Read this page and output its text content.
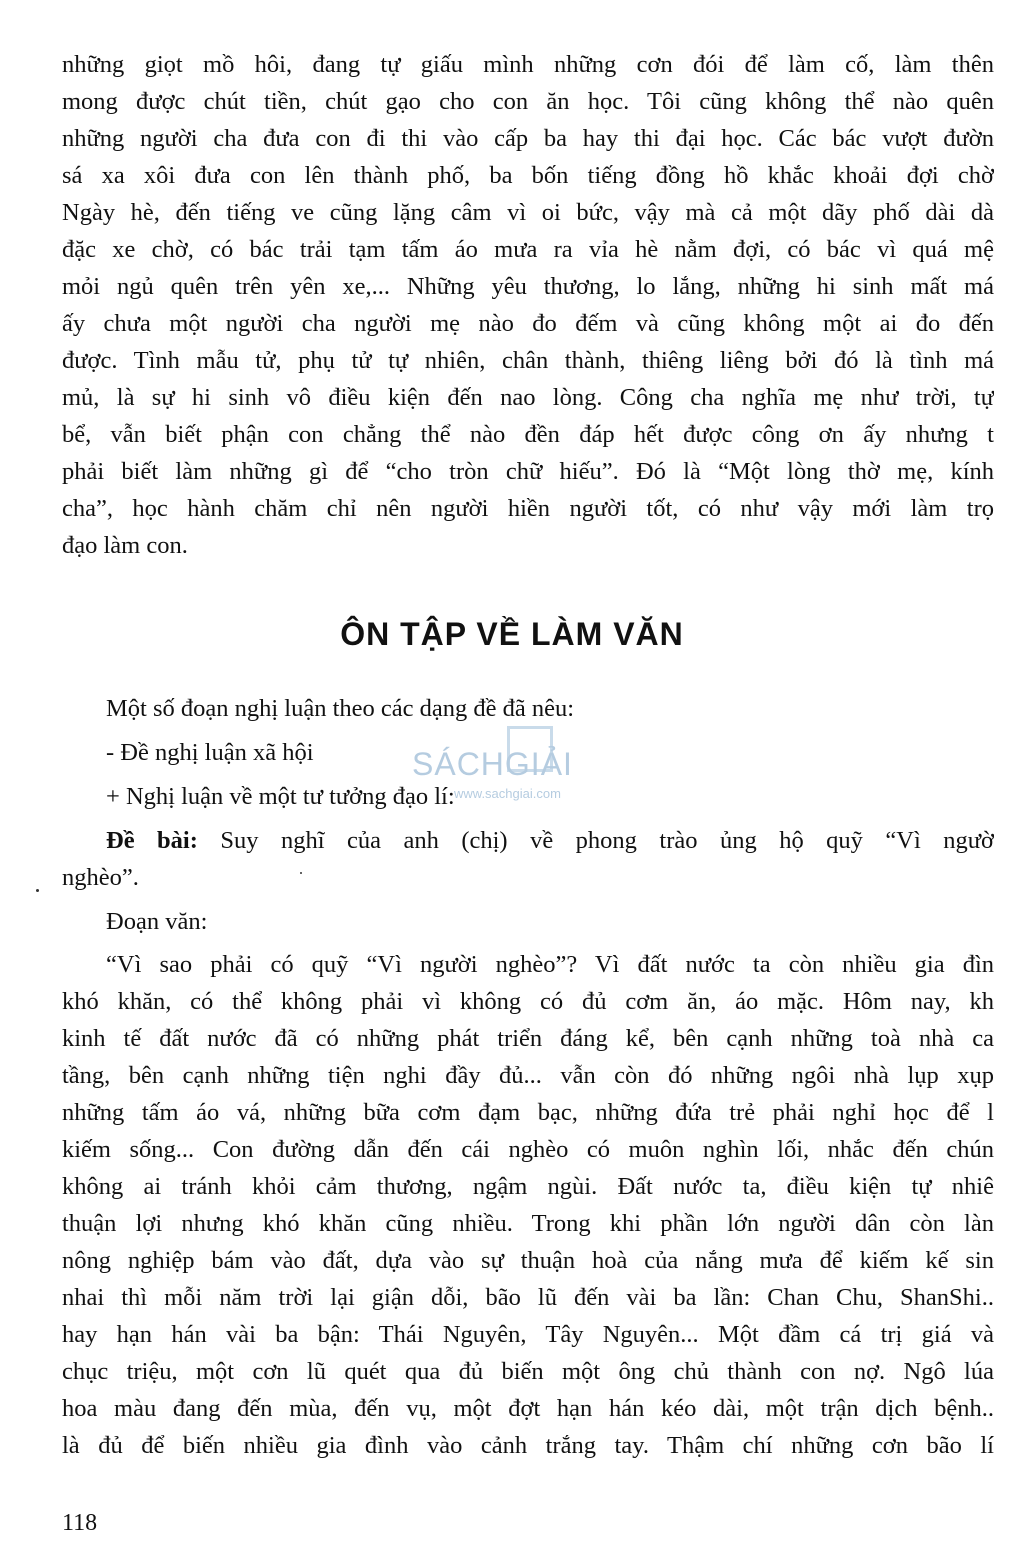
những giọt mồ hôi, đang tự giấu mình những cơn đói để làm cố, làm thên
mong được chút tiền, chút gạo cho con ăn học. Tôi cũng không thể nào quên
những người cha đưa con đi thi vào cấp ba hay thi đại học. Các bác vượt đườn
sá xa xôi đưa con lên thành phố, ba bốn tiếng đồng hồ khắc khoải đợi chờ
Ngày hè, đến tiếng ve cũng lặng câm vì oi bức, vậy mà cả một dãy phố dài dà
đặc xe chờ, có bác trải tạm tấm áo mưa ra vỉa hè nằm đợi, có bác vì quá mệ
mỏi ngủ quên trên yên xe,... Những yêu thương, lo lắng, những hi sinh mất má
ấy chưa một người cha người mẹ nào đo đếm và cũng không một ai đo đến
được. Tình mẫu tử, phụ tử tự nhiên, chân thành, thiêng liêng bởi đó là tình má
mủ, là sự hi sinh vô điều kiện đến nao lòng. Công cha nghĩa mẹ như trời, tự
bể, vẫn biết phận con chẳng thể nào đền đáp hết được công ơn ấy nhưng t
phải biết làm những gì để “cho tròn chữ hiếu”. Đó là “Một lòng thờ mẹ, kính
cha”, học hành chăm chỉ nên người hiền người tốt, có như vậy mới làm trọ
đạo làm con.
ÔN TẬP VỀ LÀM VĂN
Một số đoạn nghị luận theo các dạng đề đã nêu:
- Đề nghị luận xã hội
+ Nghị luận về một tư tưởng đạo lí:
Đề bài: Suy nghĩ của anh (chị) về phong trào ủng hộ quỹ “Vì ngườ
nghèo”.
Đoạn văn:
“Vì sao phải có quỹ “Vì người nghèo”? Vì đất nước ta còn nhiều gia đìn
khó khăn, có thể không phải vì không có đủ cơm ăn, áo mặc. Hôm nay, kh
kinh tế đất nước đã có những phát triển đáng kể, bên cạnh những toà nhà ca
tầng, bên cạnh những tiện nghi đầy đủ... vẫn còn đó những ngôi nhà lụp xụp
những tấm áo vá, những bữa cơm đạm bạc, những đứa trẻ phải nghỉ học để l
kiếm sống... Con đường dẫn đến cái nghèo có muôn nghìn lối, nhắc đến chún
không ai tránh khỏi cảm thương, ngậm ngùi. Đất nước ta, điều kiện tự nhiê
thuận lợi nhưng khó khăn cũng nhiều. Trong khi phần lớn người dân còn làn
nông nghiệp bám vào đất, dựa vào sự thuận hoà của nắng mưa để kiếm kế sin
nhai thì mỗi năm trời lại giận dỗi, bão lũ đến vài ba lần: Chan Chu, ShanShi..
hay hạn hán vài ba bận: Thái Nguyên, Tây Nguyên... Một đầm cá trị giá và
chục triệu, một cơn lũ quét qua đủ biến một ông chủ thành con nợ. Ngô lúa
hoa màu đang đến mùa, đến vụ, một đợt hạn hán kéo dài, một trận dịch bệnh..
là đủ để biến nhiều gia đình vào cảnh trắng tay. Thậm chí những cơn bão lí
118
SÁCHGIẢI
www.sachgiai.com
